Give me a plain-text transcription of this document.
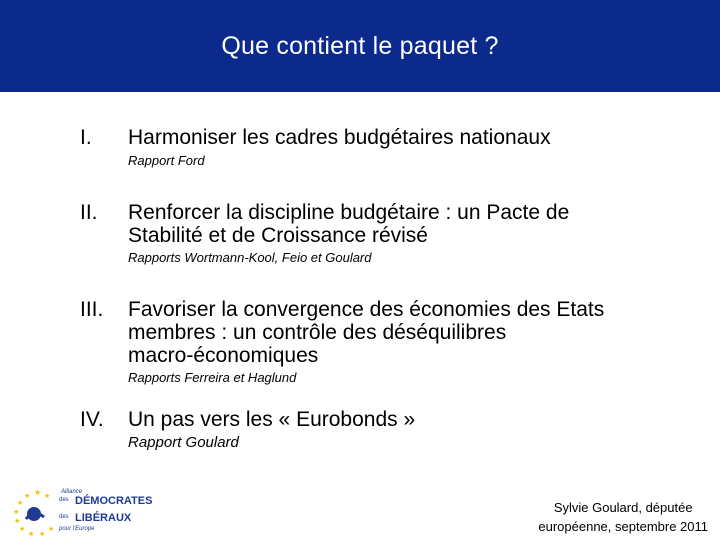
Que contient le paquet ?
I. Harmoniser les cadres budgétaires nationaux
Rapport Ford
II. Renforcer la discipline budgétaire : un Pacte de
Stabilité et de Croissance révisé
Rapports Wortmann-Kool, Feio et Goulard
III. Favoriser la convergence des économies des Etats
membres : un contrôle des déséquilibres
macro-économiques
Rapports Ferreira et Haglund
IV. Un pas vers les « Eurobonds »
Rapport Goulard
★ ★
★
★
★
★
★
★ ★
★
Alliance
des DÉMOCRATES
des LIBÉRAUX
pour l'Europe
Sylvie Goulard, députée
européenne, septembre 2011
